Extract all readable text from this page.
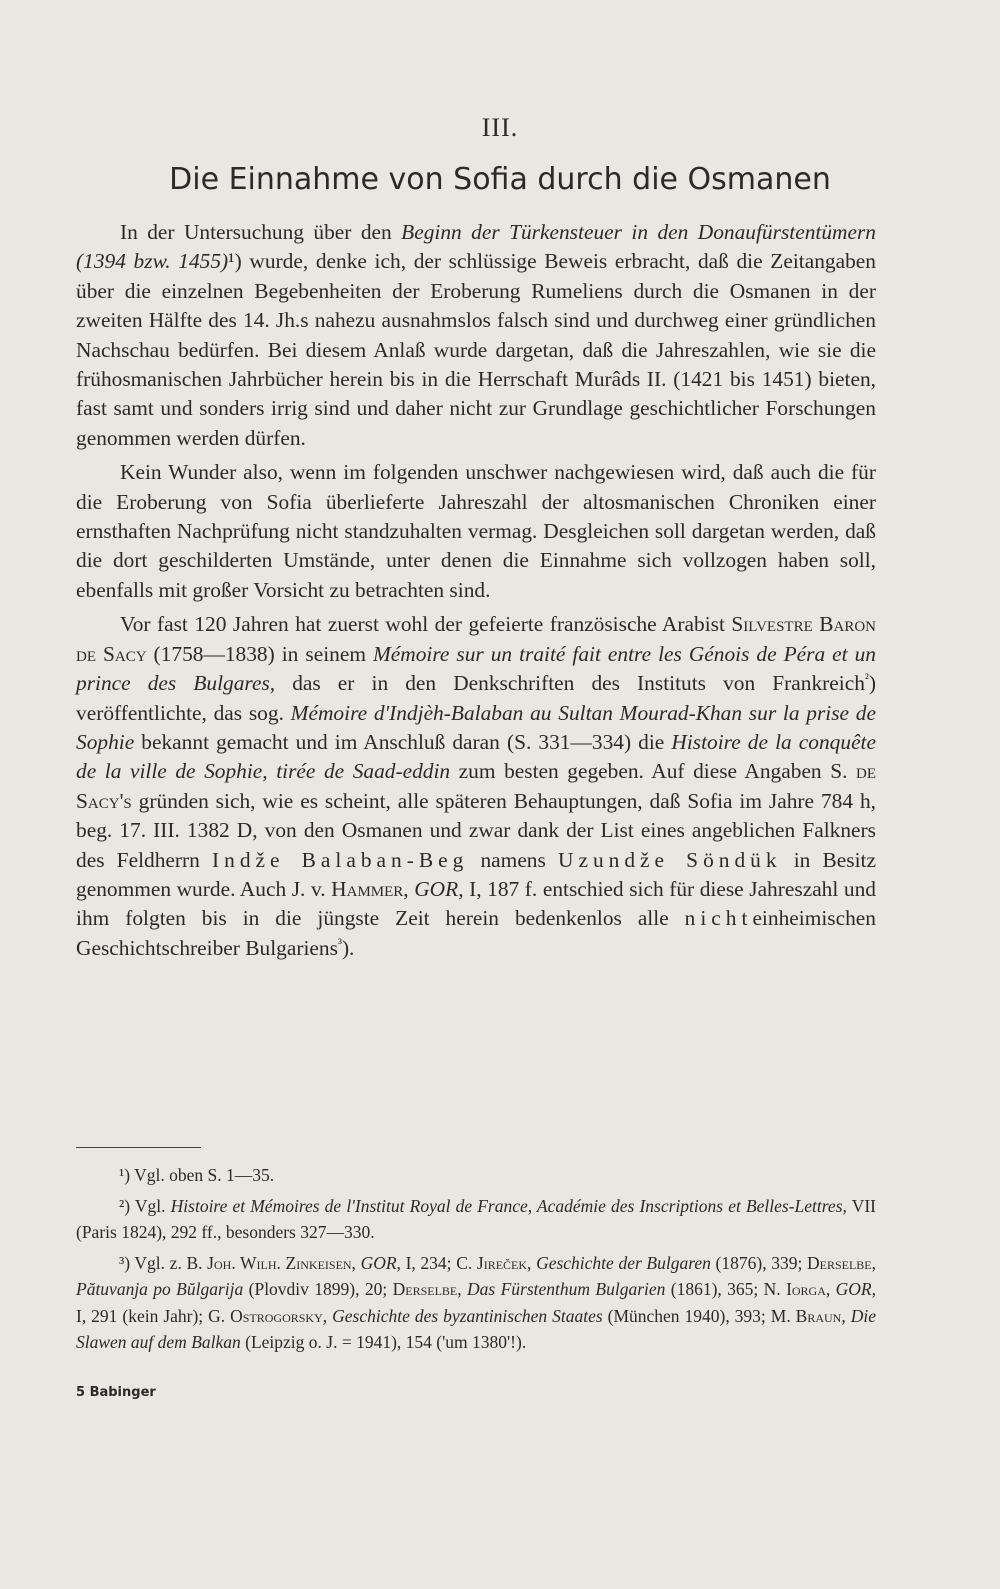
III.
Die Einnahme von Sofia durch die Osmanen

In der Untersuchung über den Beginn der Türkensteuer in den Donaufürstentümern (1394 bzw. 1455)¹) wurde, denke ich, der schlüssige Beweis erbracht, daß die Zeitangaben über die einzelnen Begebenheiten der Eroberung Rumeliens durch die Osmanen in der zweiten Hälfte des 14. Jh.s nahezu ausnahmslos falsch sind und durchweg einer gründlichen Nachschau bedürfen. Bei diesem Anlaß wurde dargetan, daß die Jahreszahlen, wie sie die frühosmanischen Jahrbücher herein bis in die Herrschaft Murâds II. (1421 bis 1451) bieten, fast samt und sonders irrig sind und daher nicht zur Grundlage geschichtlicher Forschungen genommen werden dürfen.

Kein Wunder also, wenn im folgenden unschwer nachgewiesen wird, daß auch die für die Eroberung von Sofia überlieferte Jahreszahl der altosmanischen Chroniken einer ernsthaften Nachprüfung nicht standzuhalten vermag. Desgleichen soll dargetan werden, daß die dort geschilderten Umstände, unter denen die Einnahme sich vollzogen haben soll, ebenfalls mit großer Vorsicht zu betrachten sind.

Vor fast 120 Jahren hat zuerst wohl der gefeierte französische Arabist Silvestre Baron de Sacy (1758—1838) in seinem Mémoire sur un traité fait entre les Génois de Péra et un prince des Bulgares, das er in den Denkschriften des Instituts von Frankreich$^{^2}$) veröffentlichte, das sog. Mémoire d'Indjèh-Balaban au Sultan Mourad-Khan sur la prise de Sophie bekannt gemacht und im Anschluß daran (S. 331—334) die Histoire de la conquête de la ville de Sophie, tirée de Saad-eddin zum besten gegeben. Auf diese Angaben S. de Sacy's gründen sich, wie es scheint, alle späteren Behauptungen, daß Sofia im Jahre 784 h, beg. 17. III. 1382 D, von den Osmanen und zwar dank der List eines angeblichen Falkners des Feldherrn Indže Balaban-Beg namens Uzundže Söndük in Besitz genommen wurde. Auch J. v. Hammer, GOR, I, 187 f. entschied sich für diese Jahreszahl und ihm folgten bis in die jüngste Zeit herein bedenkenlos alle nichteinheimischen Geschichtschreiber Bulgariens$^{^3}$).

¹) Vgl. oben S. 1—35.

²) Vgl. Histoire et Mémoires de l'Institut Royal de France, Académie des Inscriptions et Belles-Lettres, VII (Paris 1824), 292 ff., besonders 327—330.

³) Vgl. z. B. Joh. Wilh. Zinkeisen, GOR, I, 234; C. Jireček, Geschichte der Bulgaren (1876), 339; Derselbe, Pătuvanja po Bŭlgarija (Plovdiv 1899), 20; Derselbe, Das Fürstenthum Bulgarien (1861), 365; N. Iorga, GOR, I, 291 (kein Jahr); G. Ostrogorsky, Geschichte des byzantinischen Staates (München 1940), 393; M. Braun, Die Slawen auf dem Balkan (Leipzig o. J. = 1941), 154 ('um 1380'!).

5 Babinger
